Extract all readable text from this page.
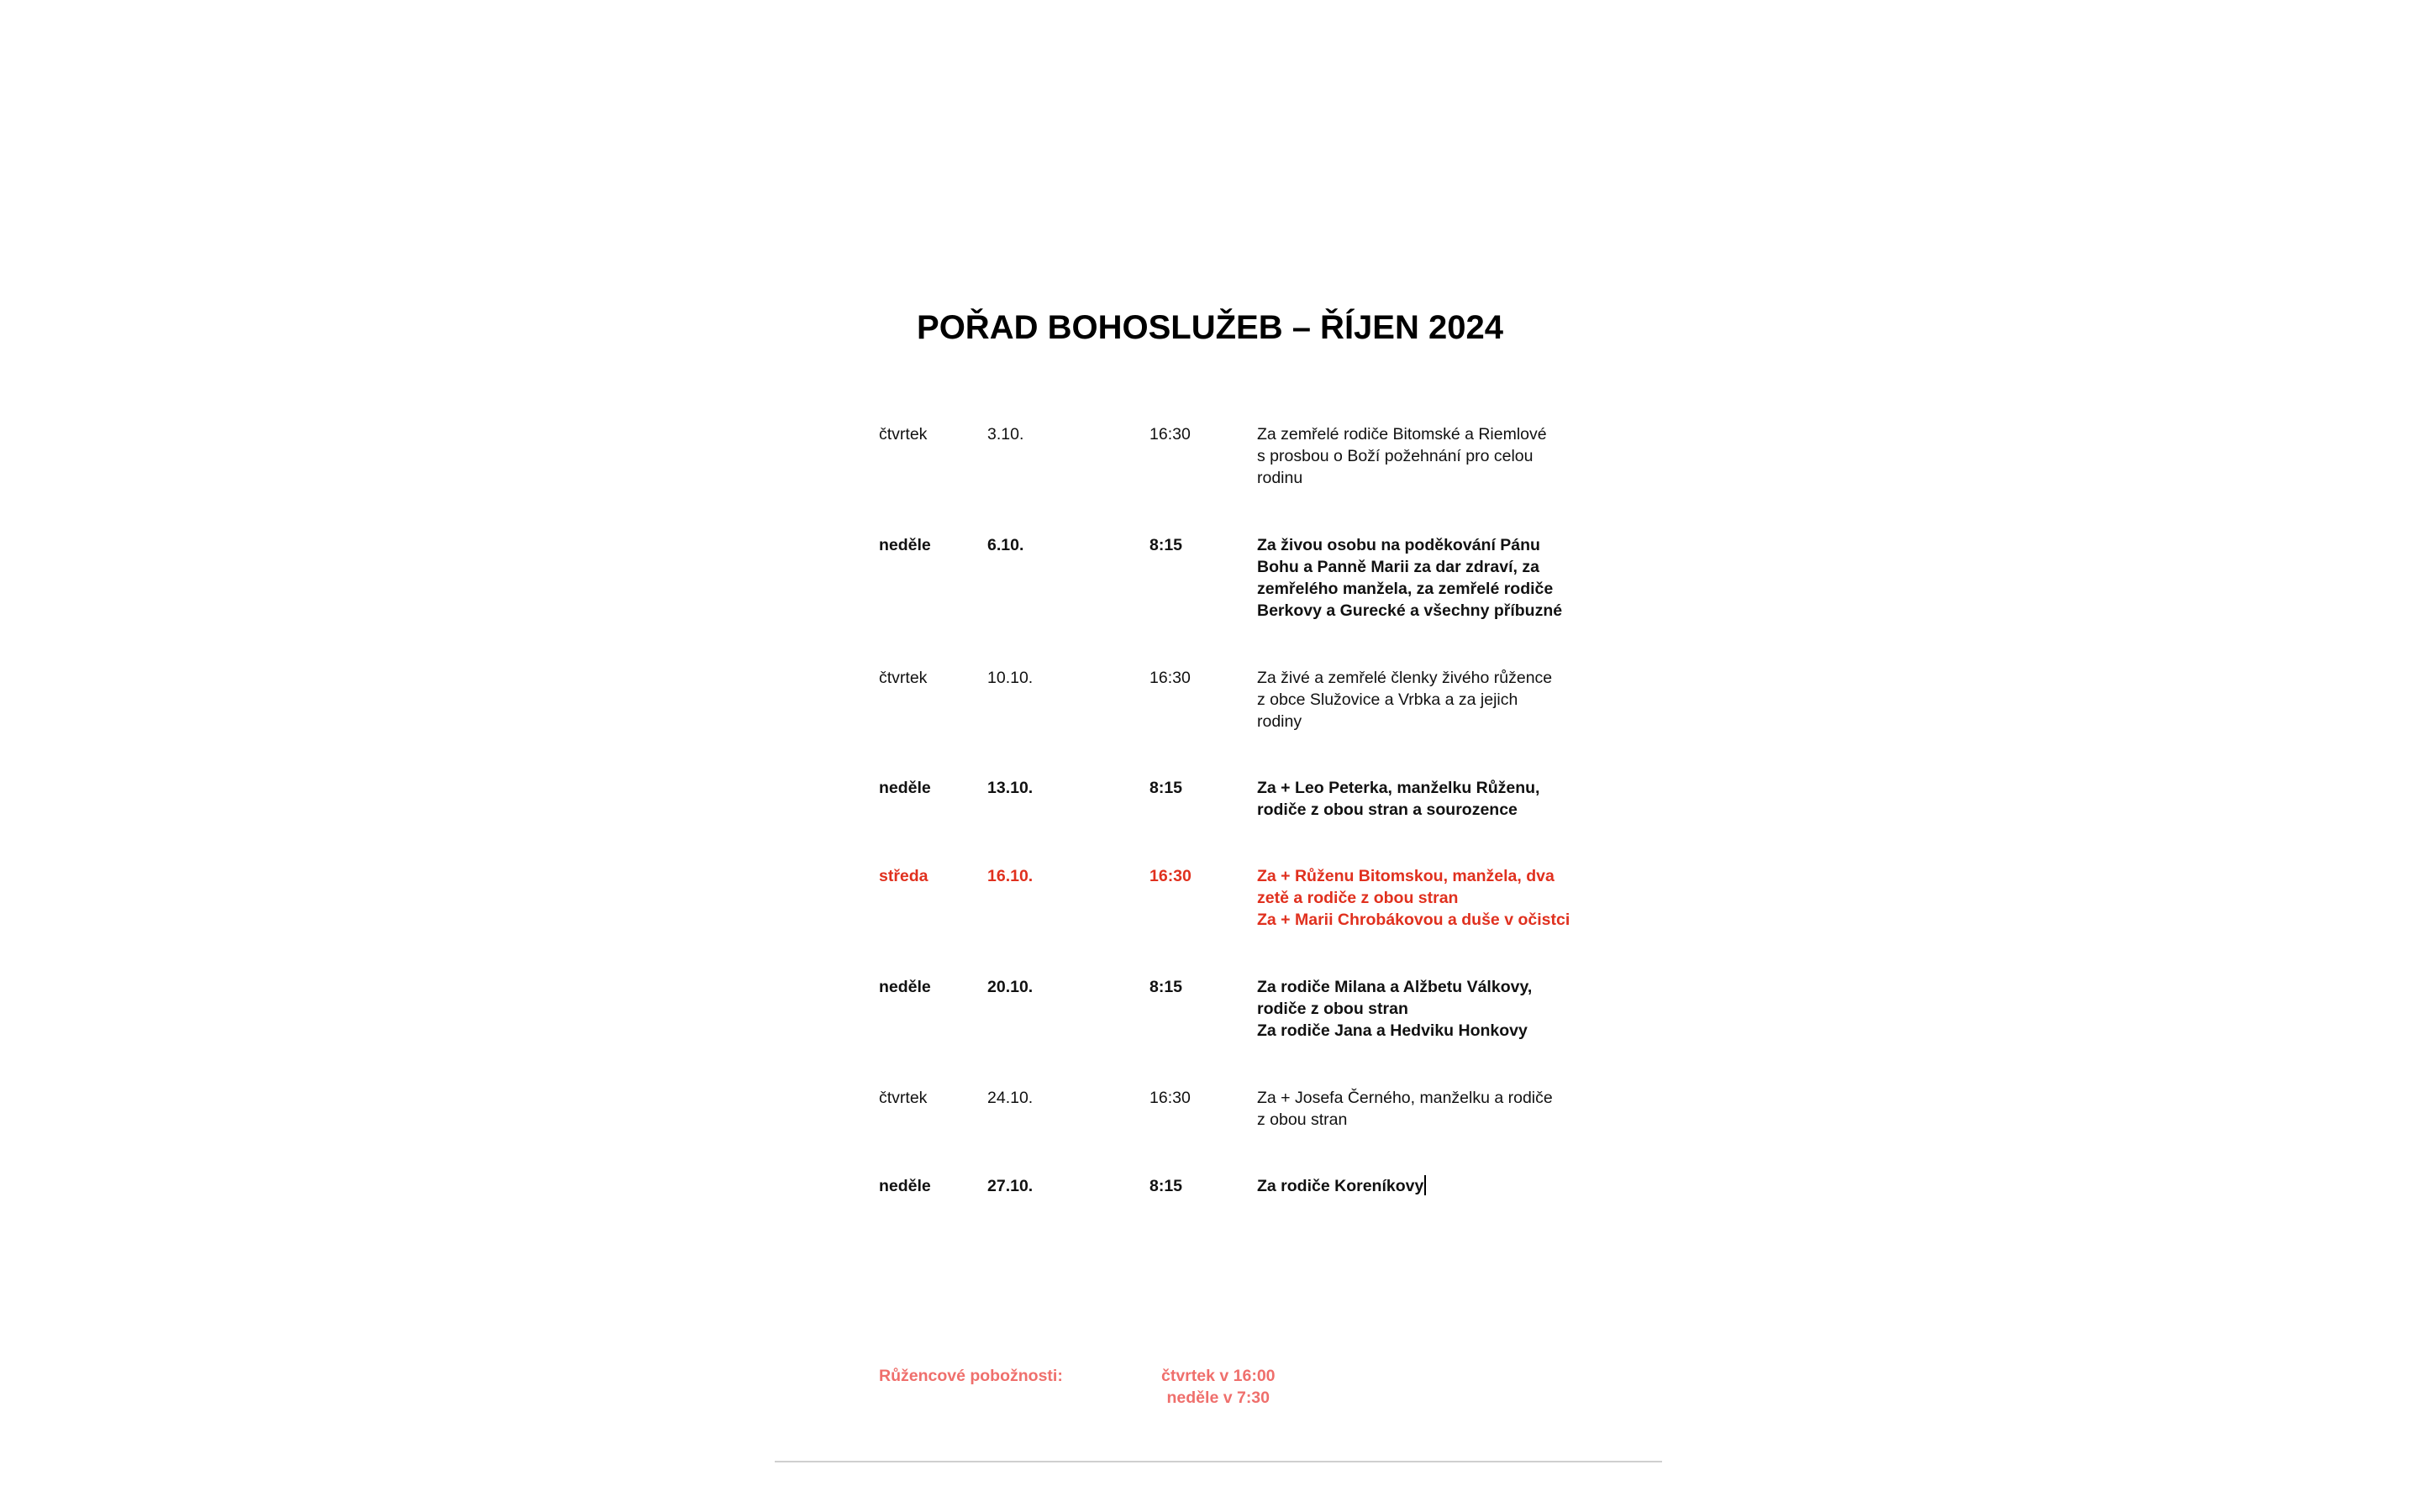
POŘAD BOHOSLUŽEB – ŘÍJEN 2024
čtvrtek	3.10.	16:30	Za zemřelé rodiče Bitomské a Riemlové
s prosbou o Boží požehnání pro celou
rodinu
neděle	6.10.	8:15	Za živou osobu na poděkování Pánu
Bohu a Panně Marii za dar zdraví, za
zemřelého manžela, za zemřelé rodiče
Berkovy a Gurecké a všechny příbuzné
čtvrtek	10.10.	16:30	Za živé a zemřelé členky živého růžence
z obce Služovice a Vrbka a za jejich
rodiny
neděle	13.10.	8:15	Za + Leo Peterka, manželku Růženu,
rodiče z obou stran a sourozence
středa	16.10.	16:30	Za + Růženu Bitomskou, manžela, dva
zetě a rodiče z obou stran
Za + Marii Chrobákovou a duše v očistci
neděle	20.10.	8:15	Za rodiče Milana a Alžbetu Válkovy,
rodiče z obou stran
Za rodiče Jana a Hedviku Honkovy
čtvrtek	24.10.	16:30	Za + Josefa Černého, manželku a rodiče
z obou stran
neděle	27.10.	8:15	Za rodiče Koreníkovy
Růžencové pobožnosti:	čtvrtek v 16:00
neděle v 7:30
